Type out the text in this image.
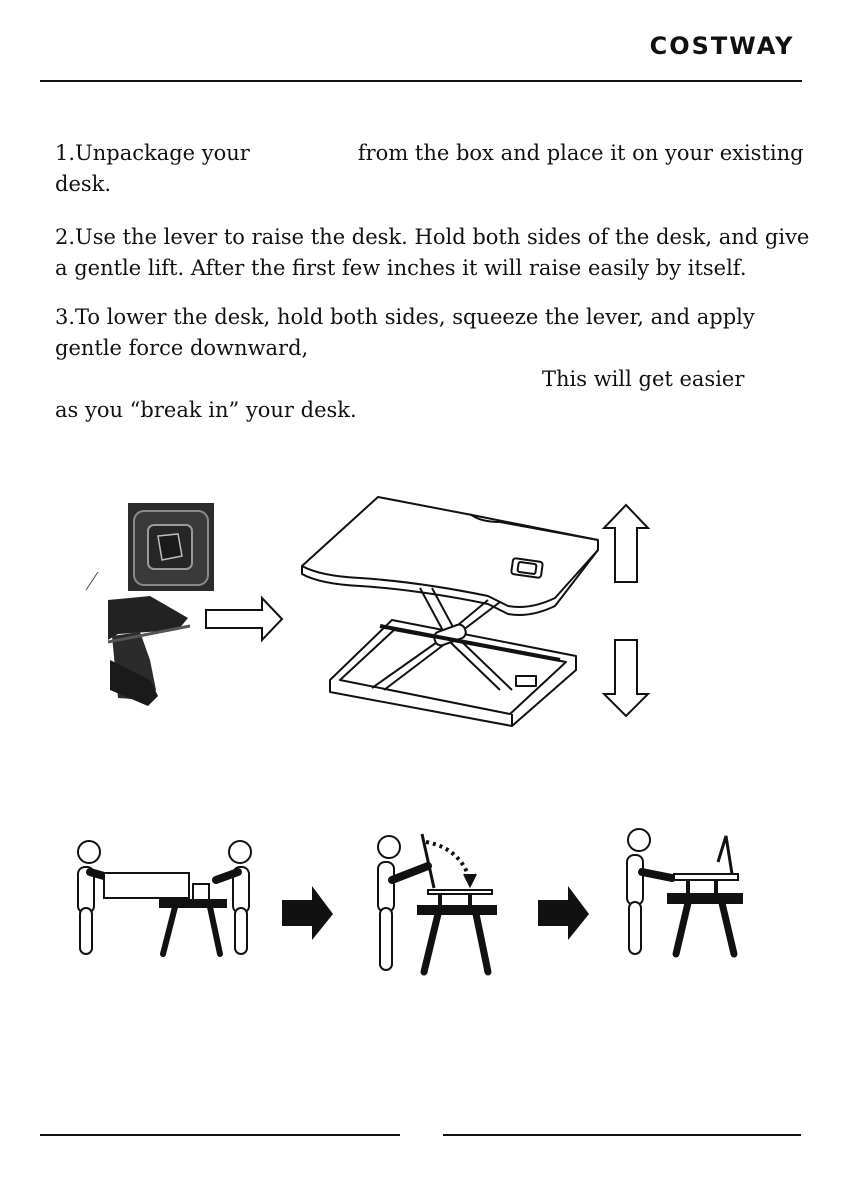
COSTWAY
1.Unpackage your	from the box and place it on your existing
desk.
2.Use the lever to raise the desk. Hold both sides of the desk, and give
a gentle lift. After the first few inches it will raise easily by itself.
3.To lower the desk, hold both sides, squeeze the lever, and apply
gentle force downward,
This will get easier
as you “break in” your desk.
